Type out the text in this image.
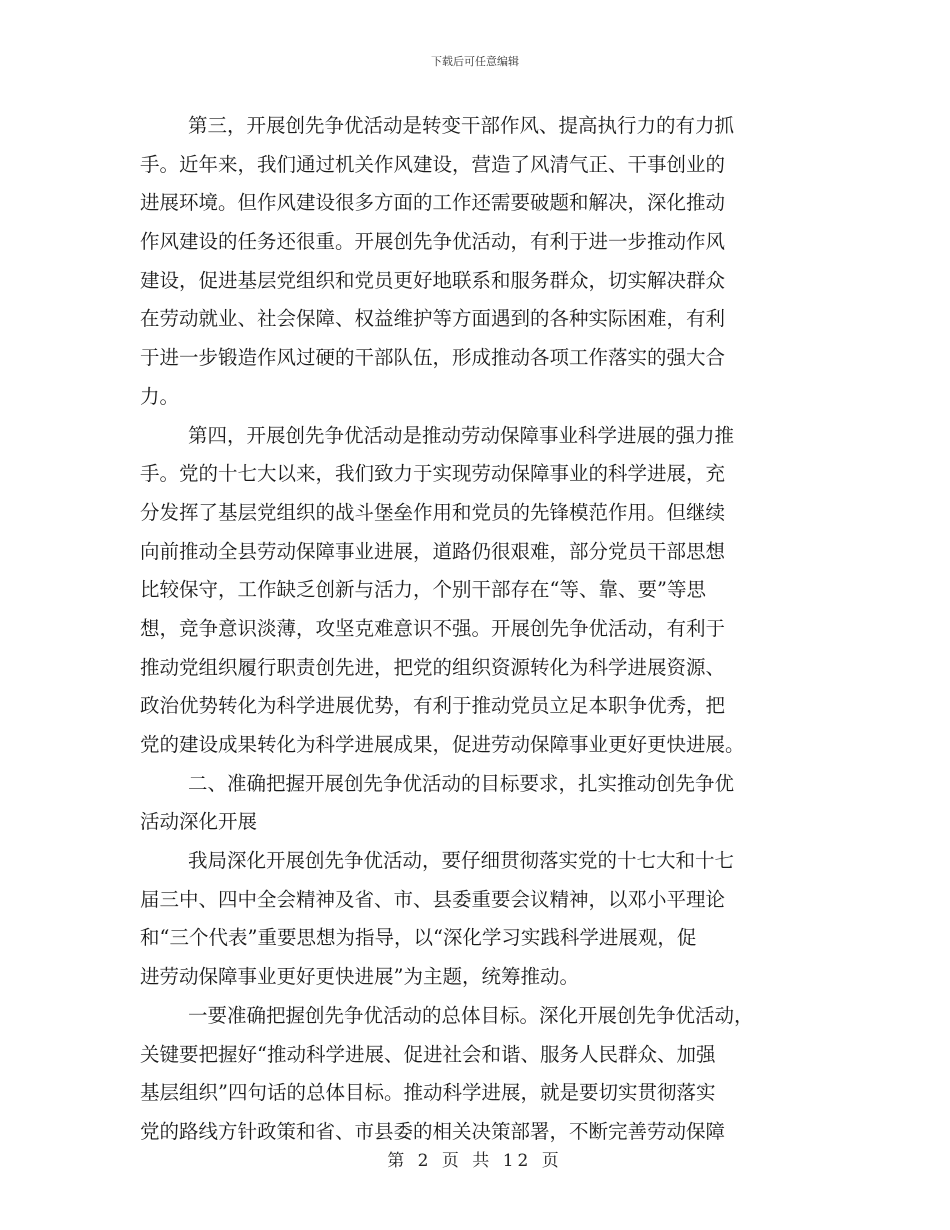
下载后可任意编辑
第三，开展创先争优活动是转变干部作风、提高执行力的有力抓
手。近年来，我们通过机关作风建设，营造了风清气正、干事创业的
进展环境。但作风建设很多方面的工作还需要破题和解决，深化推动
作风建设的任务还很重。开展创先争优活动，有利于进一步推动作风
建设，促进基层党组织和党员更好地联系和服务群众，切实解决群众
在劳动就业、社会保障、权益维护等方面遇到的各种实际困难，有利
于进一步锻造作风过硬的干部队伍，形成推动各项工作落实的强大合
力。
第四，开展创先争优活动是推动劳动保障事业科学进展的强力推
手。党的十七大以来，我们致力于实现劳动保障事业的科学进展，充
分发挥了基层党组织的战斗堡垒作用和党员的先锋模范作用。但继续
向前推动全县劳动保障事业进展，道路仍很艰难，部分党员干部思想
比较保守，工作缺乏创新与活力，个别干部存在“等、靠、要”等思
想，竞争意识淡薄，攻坚克难意识不强。开展创先争优活动，有利于
推动党组织履行职责创先进，把党的组织资源转化为科学进展资源、
政治优势转化为科学进展优势，有利于推动党员立足本职争优秀，把
党的建设成果转化为科学进展成果，促进劳动保障事业更好更快进展。
二、准确把握开展创先争优活动的目标要求，扎实推动创先争优
活动深化开展
我局深化开展创先争优活动，要仔细贯彻落实党的十七大和十七
届三中、四中全会精神及省、市、县委重要会议精神，以邓小平理论
和“三个代表”重要思想为指导，以“深化学习实践科学进展观，促
进劳动保障事业更好更快进展”为主题，统筹推动。
一要准确把握创先争优活动的总体目标。深化开展创先争优活动，
关键要把握好“推动科学进展、促进社会和谐、服务人民群众、加强
基层组织”四句话的总体目标。推动科学进展，就是要切实贯彻落实
党的路线方针政策和省、市县委的相关决策部署，不断完善劳动保障
第 2 页 共 12 页
